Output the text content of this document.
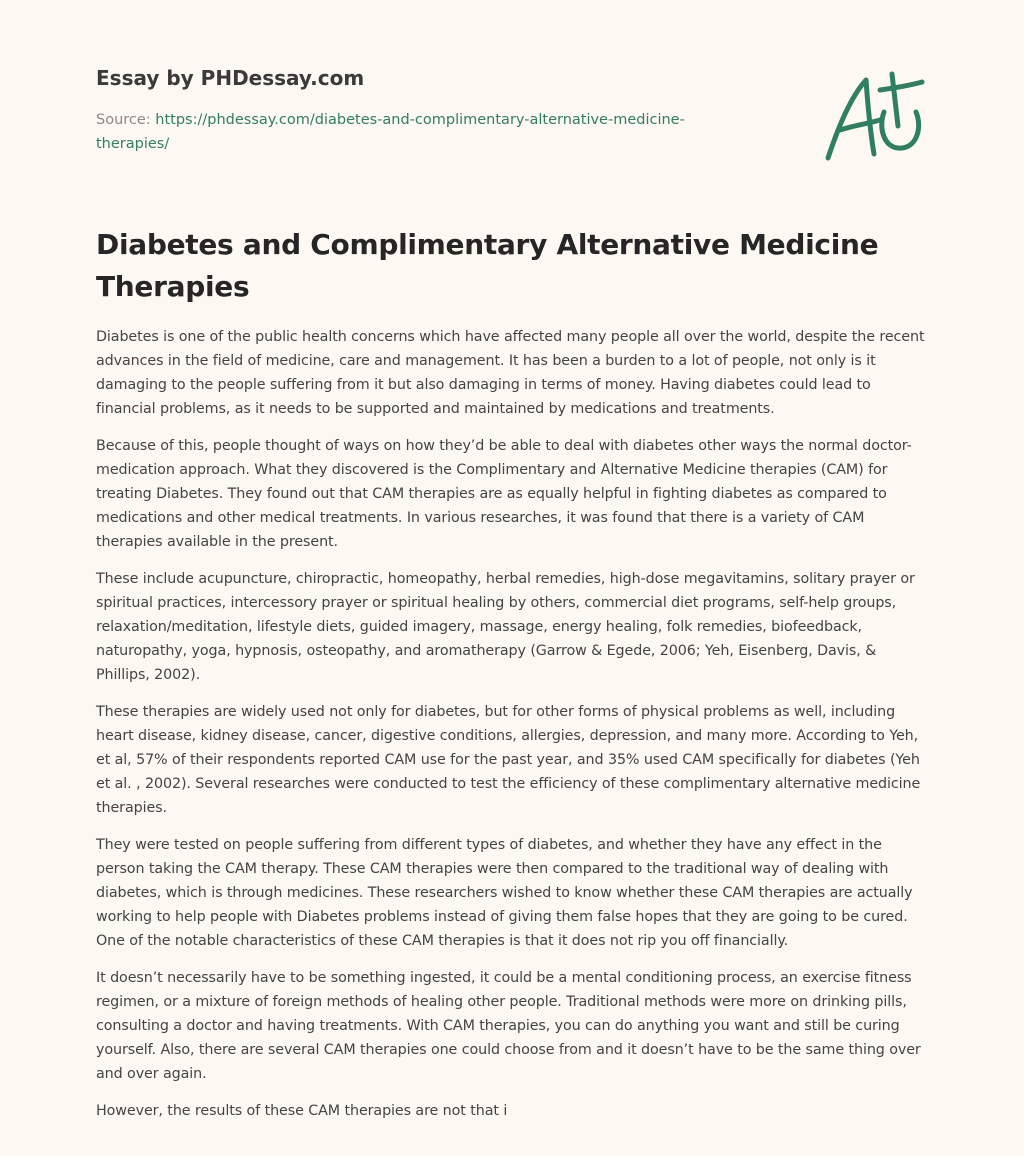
Essay by PHDessay.com
Source: https://phdessay.com/diabetes-and-complimentary-alternative-medicine-therapies/
Diabetes and Complimentary Alternative Medicine Therapies

Diabetes is one of the public health concerns which have affected many people all over the world, despite the recent advances in the field of medicine, care and management. It has been a burden to a lot of people, not only is it damaging to the people suffering from it but also damaging in terms of money. Having diabetes could lead to financial problems, as it needs to be supported and maintained by medications and treatments.

Because of this, people thought of ways on how they’d be able to deal with diabetes other ways the normal doctor-medication approach. What they discovered is the Complimentary and Alternative Medicine therapies (CAM) for treating Diabetes. They found out that CAM therapies are as equally helpful in fighting diabetes as compared to medications and other medical treatments. In various researches, it was found that there is a variety of CAM therapies available in the present.

These include acupuncture, chiropractic, homeopathy, herbal remedies, high-dose megavitamins, solitary prayer or spiritual practices, intercessory prayer or spiritual healing by others, commercial diet programs, self-help groups, relaxation/meditation, lifestyle diets, guided imagery, massage, energy healing, folk remedies, biofeedback, naturopathy, yoga, hypnosis, osteopathy, and aromatherapy (Garrow & Egede, 2006; Yeh, Eisenberg, Davis, & Phillips, 2002).

These therapies are widely used not only for diabetes, but for other forms of physical problems as well, including heart disease, kidney disease, cancer, digestive conditions, allergies, depression, and many more. According to Yeh, et al, 57% of their respondents reported CAM use for the past year, and 35% used CAM specifically for diabetes (Yeh et al. , 2002). Several researches were conducted to test the efficiency of these complimentary alternative medicine therapies.

They were tested on people suffering from different types of diabetes, and whether they have any effect in the person taking the CAM therapy. These CAM therapies were then compared to the traditional way of dealing with diabetes, which is through medicines. These researchers wished to know whether these CAM therapies are actually working to help people with Diabetes problems instead of giving them false hopes that they are going to be cured. One of the notable characteristics of these CAM therapies is that it does not rip you off financially.

It doesn’t necessarily have to be something ingested, it could be a mental conditioning process, an exercise fitness regimen, or a mixture of foreign methods of healing other people. Traditional methods were more on drinking pills, consulting a doctor and having treatments. With CAM therapies, you can do anything you want and still be curing yourself. Also, there are several CAM therapies one could choose from and it doesn’t have to be the same thing over and over again.

However, the results of these CAM therapies are not that i
